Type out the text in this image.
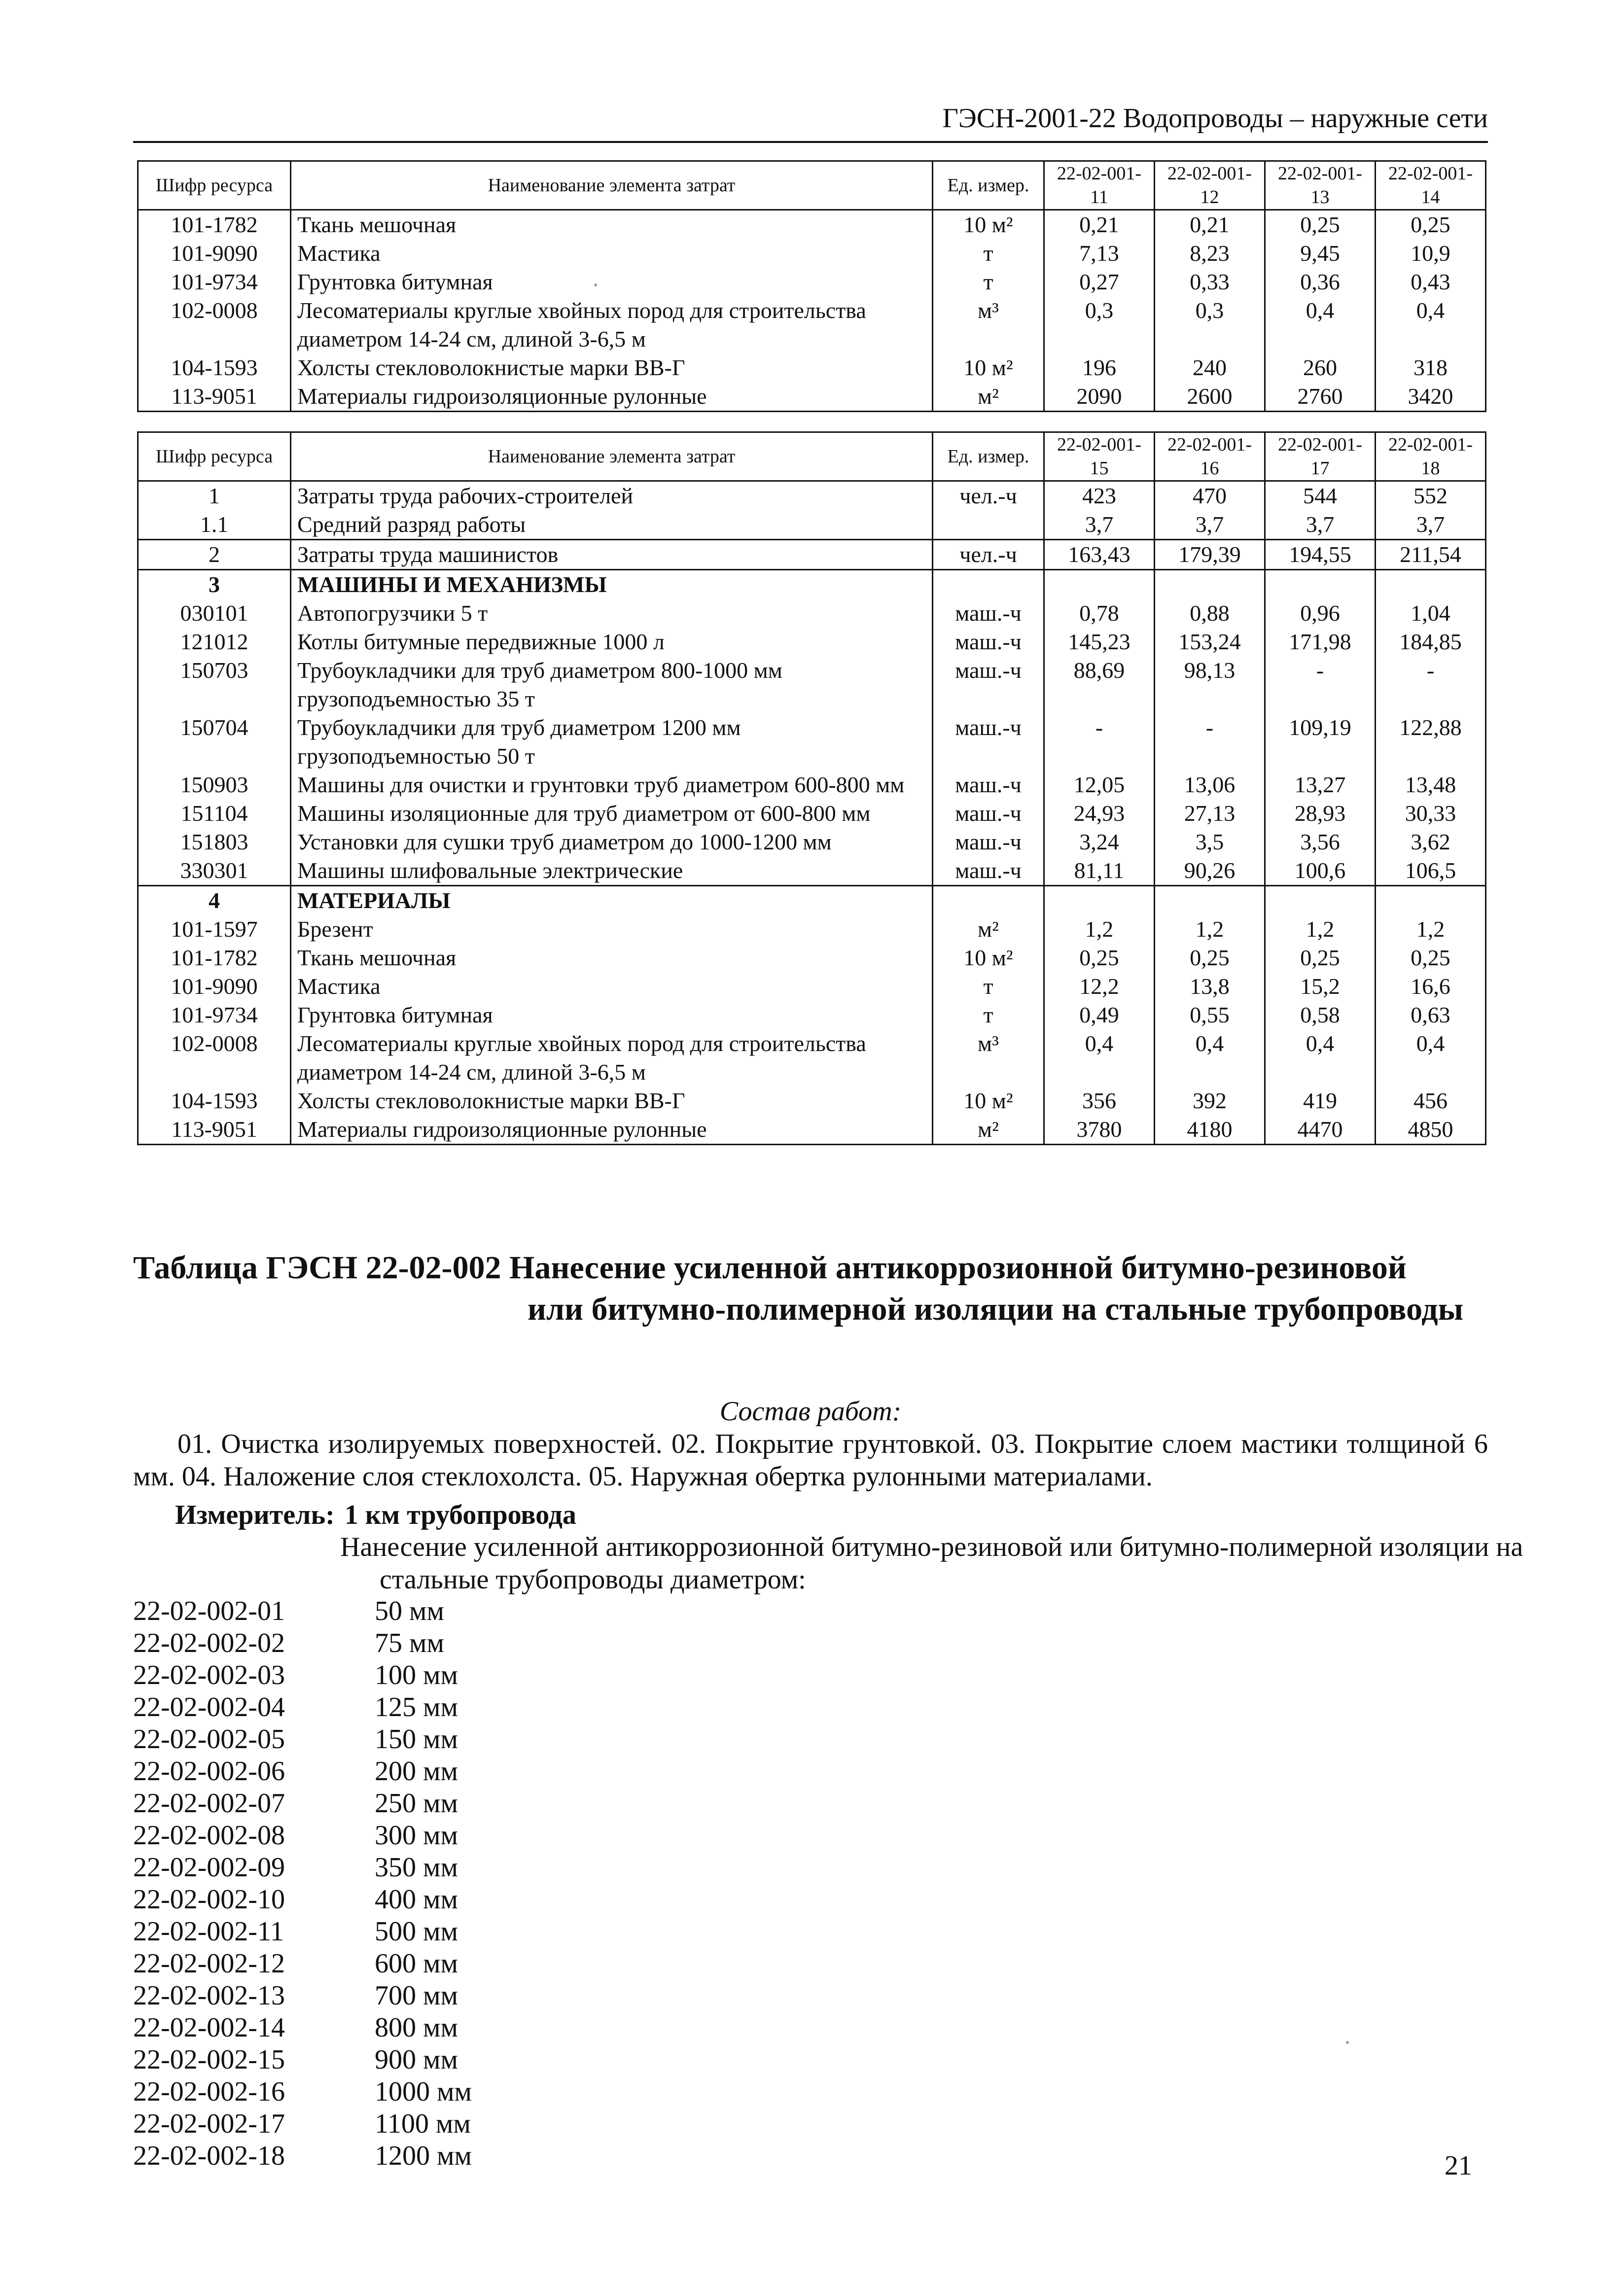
ГЭСН-2001-22 Водопроводы – наружные сети
Шифр ресурса	Наименование элемента затрат	Ед. измер.	22-02-001-11	22-02-001-12	22-02-001-13	22-02-001-14
101-1782	Ткань мешочная	10 м²	0,21	0,21	0,25	0,25
101-9090	Мастика	т	7,13	8,23	9,45	10,9
101-9734	Грунтовка битумная	т	0,27	0,33	0,36	0,43
102-0008	Лесоматериалы круглые хвойных пород для строительства диаметром 14-24 см, длиной 3-6,5 м	м³	0,3	0,3	0,4	0,4
104-1593	Холсты стекловолокнистые марки ВВ-Г	10 м²	196	240	260	318
113-9051	Материалы гидроизоляционные рулонные	м²	2090	2600	2760	3420
Шифр ресурса	Наименование элемента затрат	Ед. измер.	22-02-001-15	22-02-001-16	22-02-001-17	22-02-001-18
1	Затраты труда рабочих-строителей	чел.-ч	423	470	544	552
1.1	Средний разряд работы		3,7	3,7	3,7	3,7
2	Затраты труда машинистов	чел.-ч	163,43	179,39	194,55	211,54
3	МАШИНЫ И МЕХАНИЗМЫ					
030101	Автопогрузчики 5 т	маш.-ч	0,78	0,88	0,96	1,04
121012	Котлы битумные передвижные 1000 л	маш.-ч	145,23	153,24	171,98	184,85
150703	Трубоукладчики для труб диаметром 800-1000 мм грузоподъемностью 35 т	маш.-ч	88,69	98,13	-	-
150704	Трубоукладчики для труб диаметром 1200 мм грузоподъемностью 50 т	маш.-ч	-	-	109,19	122,88
150903	Машины для очистки и грунтовки труб диаметром 600-800 мм	маш.-ч	12,05	13,06	13,27	13,48
151104	Машины изоляционные для труб диаметром от 600-800 мм	маш.-ч	24,93	27,13	28,93	30,33
151803	Установки для сушки труб диаметром до 1000-1200 мм	маш.-ч	3,24	3,5	3,56	3,62
330301	Машины шлифовальные электрические	маш.-ч	81,11	90,26	100,6	106,5
4	МАТЕРИАЛЫ					
101-1597	Брезент	м²	1,2	1,2	1,2	1,2
101-1782	Ткань мешочная	10 м²	0,25	0,25	0,25	0,25
101-9090	Мастика	т	12,2	13,8	15,2	16,6
101-9734	Грунтовка битумная	т	0,49	0,55	0,58	0,63
102-0008	Лесоматериалы круглые хвойных пород для строительства диаметром 14-24 см, длиной 3-6,5 м	м³	0,4	0,4	0,4	0,4
104-1593	Холсты стекловолокнистые марки ВВ-Г	10 м²	356	392	419	456
113-9051	Материалы гидроизоляционные рулонные	м²	3780	4180	4470	4850
Таблица ГЭСН 22-02-002 Нанесение усиленной антикоррозионной битумно-резиновой
или битумно-полимерной изоляции на стальные трубопроводы
Состав работ:
01. Очистка изолируемых поверхностей. 02. Покрытие грунтовкой. 03. Покрытие слоем мастики толщиной 6 мм. 04. Наложение слоя стеклохолста. 05. Наружная обертка рулонными материалами.
Измеритель: 1 км трубопровода
Нанесение усиленной антикоррозионной битумно-резиновой или битумно-полимерной изоляции на стальные трубопроводы диаметром:
22-02-002-01	50 мм
22-02-002-02	75 мм
22-02-002-03	100 мм
22-02-002-04	125 мм
22-02-002-05	150 мм
22-02-002-06	200 мм
22-02-002-07	250 мм
22-02-002-08	300 мм
22-02-002-09	350 мм
22-02-002-10	400 мм
22-02-002-11	500 мм
22-02-002-12	600 мм
22-02-002-13	700 мм
22-02-002-14	800 мм
22-02-002-15	900 мм
22-02-002-16	1000 мм
22-02-002-17	1100 мм
22-02-002-18	1200 мм	21
